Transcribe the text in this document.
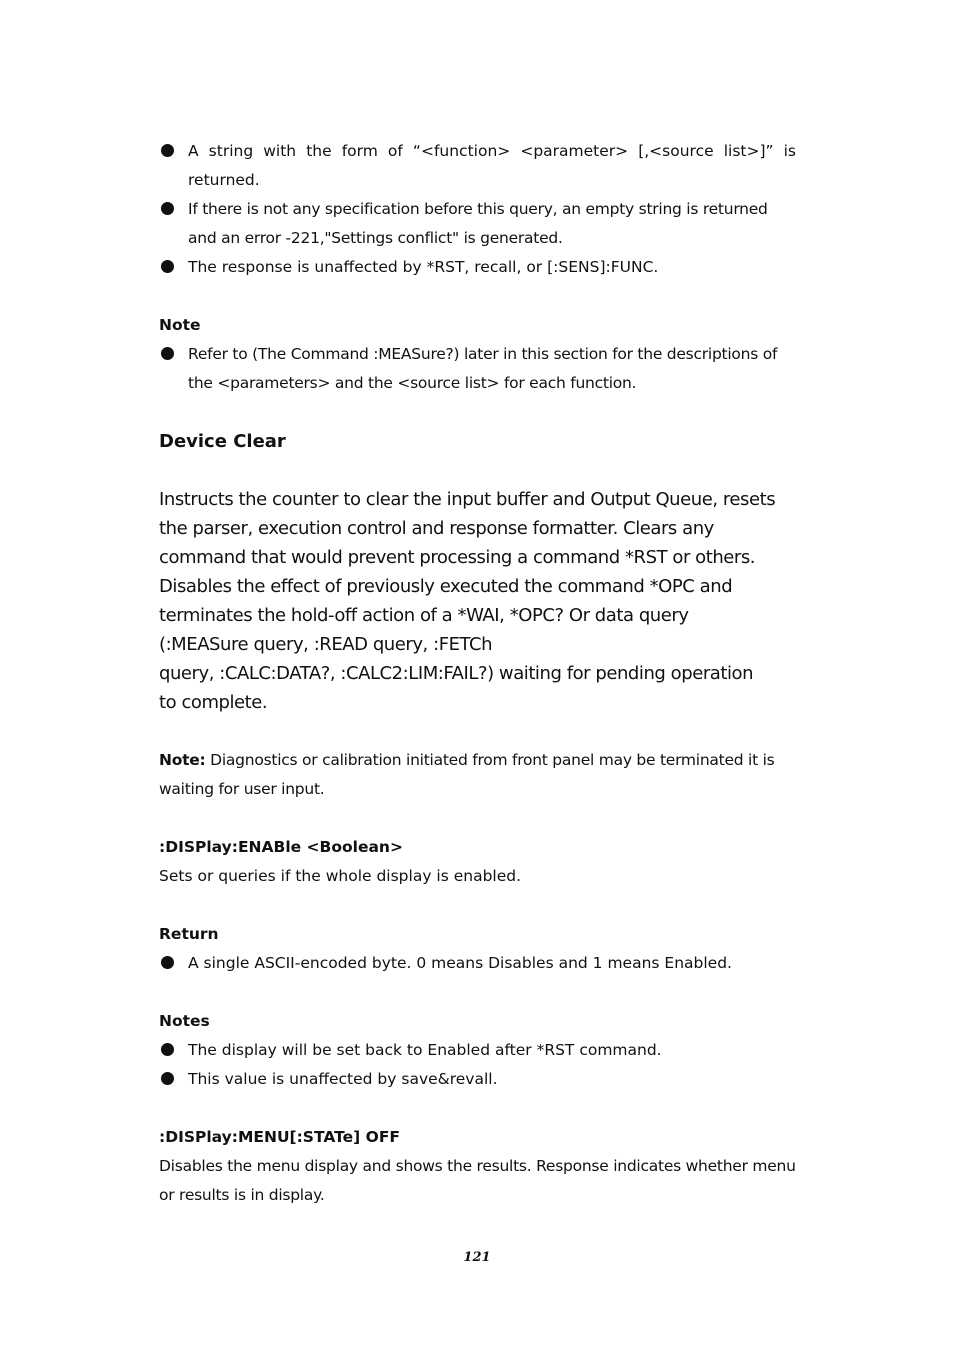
A string with the form of “<function> <parameter> [,<source list>]” is returned.

If there is not any specification before this query, an empty string is returned and an error -221,"Settings conflict" is generated.

The response is unaffected by *RST, recall, or [:SENS]:FUNC.

Note

Refer to (The Command :MEASure?) later in this section for the descriptions of the <parameters> and the <source list> for each function.

Device Clear

Instructs the counter to clear the input buffer and Output Queue, resets

the parser, execution control and response formatter. Clears any

command that would prevent processing a command *RST or others.

Disables the effect of previously executed the command *OPC and

terminates the hold-off action of a *WAI, *OPC? Or data query

(:MEASure query, :READ query, :FETCh

query, :CALC:DATA?, :CALC2:LIM:FAIL?) waiting for pending operation

to complete.

Note: Diagnostics or calibration initiated from front panel may be terminated it is waiting for user input.

:DISPlay:ENABle <Boolean>

Sets or queries if the whole display is enabled.

Return

A single ASCII-encoded byte. 0 means Disables and 1 means Enabled.

Notes

The display will be set back to Enabled after *RST command.

This value is unaffected by save&revall.

:DISPlay:MENU[:STATe] OFF

Disables the menu display and shows the results. Response indicates whether menu or results is in display.

121
